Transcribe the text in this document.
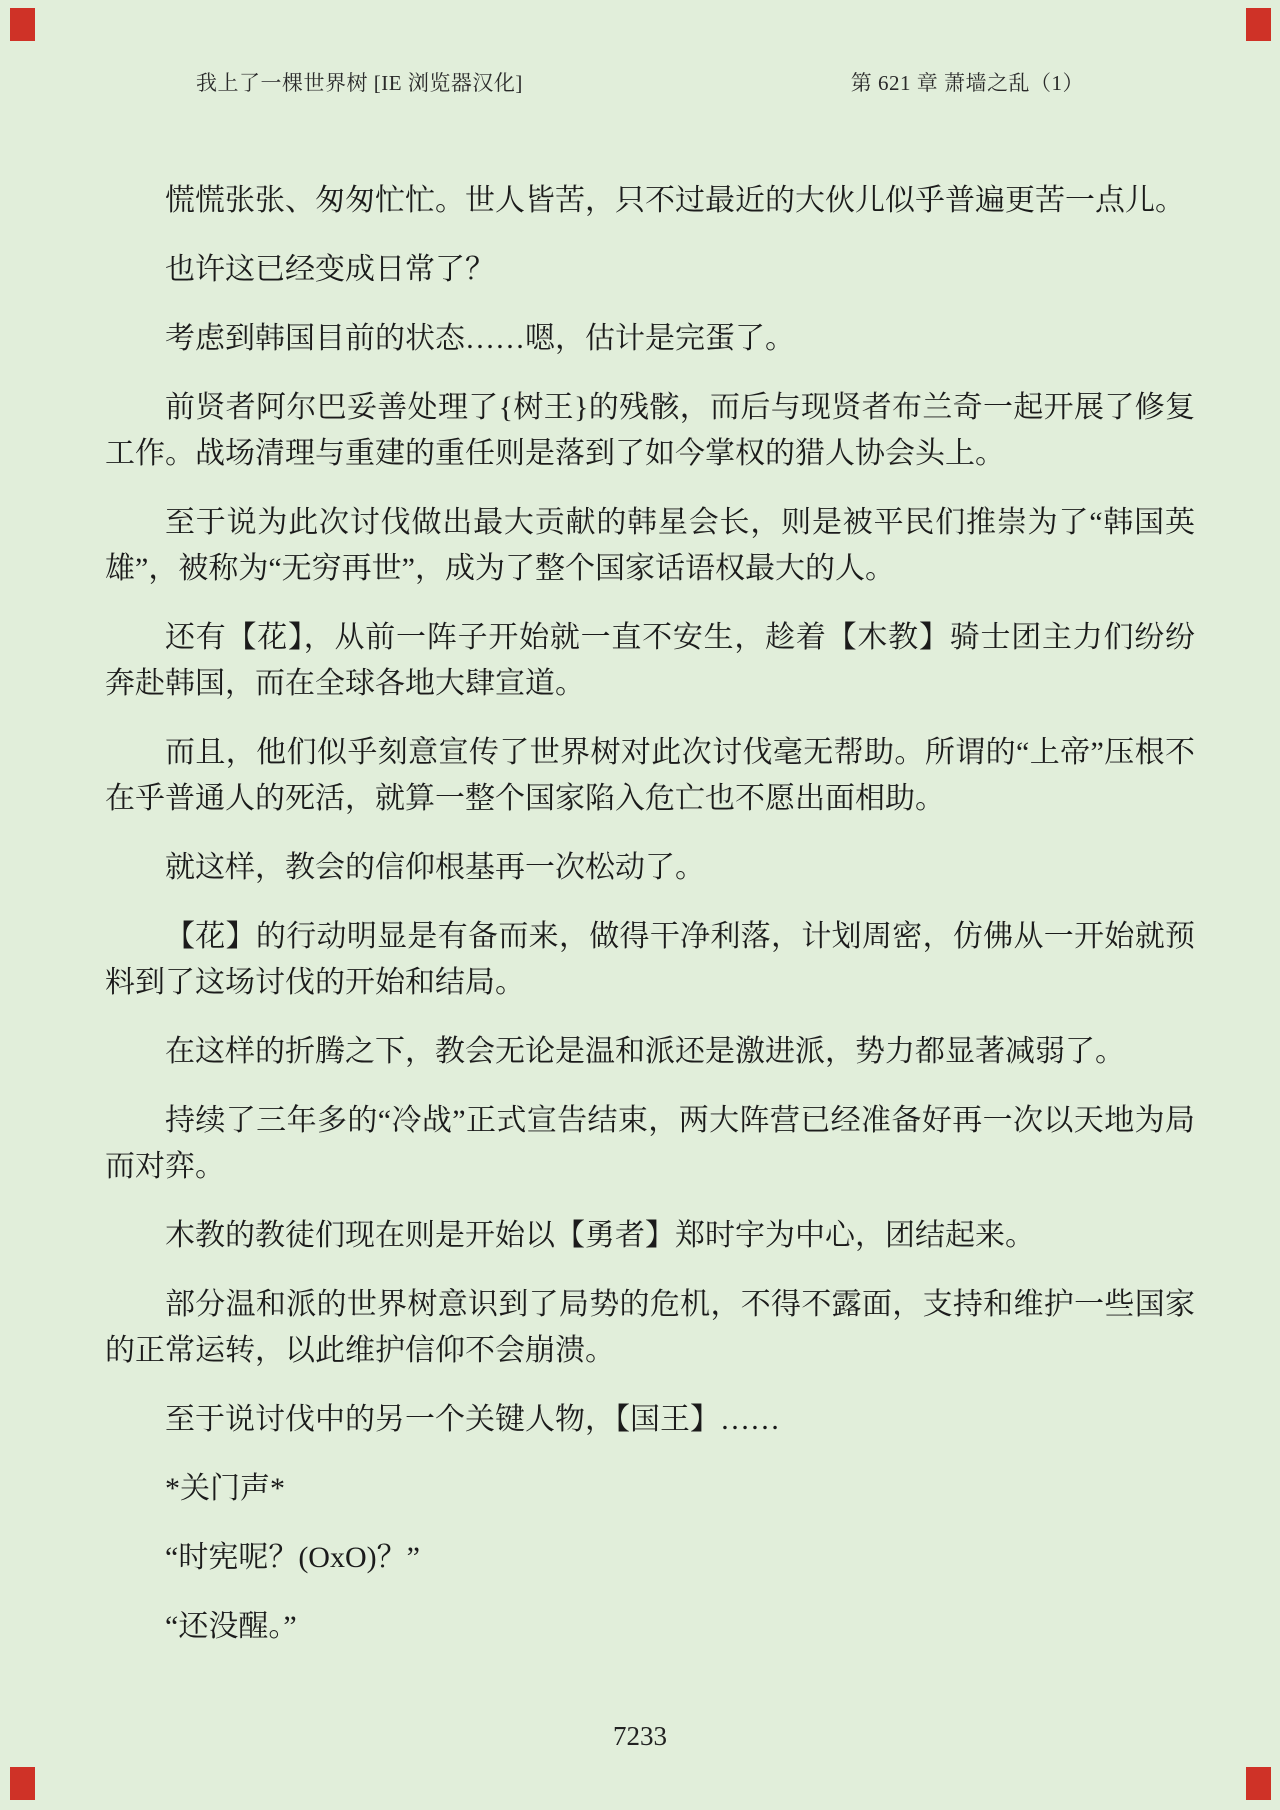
我上了一棵世界树 [IE 浏览器汉化]	第 621 章 萧墙之乱（1）

慌慌张张、匆匆忙忙。世人皆苦，只不过最近的大伙儿似乎普遍更苦一点儿。

也许这已经变成日常了？

考虑到韩国目前的状态……嗯，估计是完蛋了。

前贤者阿尔巴妥善处理了{树王}的残骸，而后与现贤者布兰奇一起开展了修复工作。战场清理与重建的重任则是落到了如今掌权的猎人协会头上。

至于说为此次讨伐做出最大贡献的韩星会长，则是被平民们推崇为了“韩国英雄”，被称为“无穷再世”，成为了整个国家话语权最大的人。

还有【花】，从前一阵子开始就一直不安生，趁着【木教】骑士团主力们纷纷奔赴韩国，而在全球各地大肆宣道。

而且，他们似乎刻意宣传了世界树对此次讨伐毫无帮助。所谓的“上帝”压根不在乎普通人的死活，就算一整个国家陷入危亡也不愿出面相助。

就这样，教会的信仰根基再一次松动了。

【花】的行动明显是有备而来，做得干净利落，计划周密，仿佛从一开始就预料到了这场讨伐的开始和结局。

在这样的折腾之下，教会无论是温和派还是激进派，势力都显著减弱了。

持续了三年多的“冷战”正式宣告结束，两大阵营已经准备好再一次以天地为局而对弈。

木教的教徒们现在则是开始以【勇者】郑时宇为中心，团结起来。

部分温和派的世界树意识到了局势的危机，不得不露面，支持和维护一些国家的正常运转，以此维护信仰不会崩溃。

至于说讨伐中的另一个关键人物，【国王】……

*关门声*

“时宪呢？(OxO)？”

“还没醒。”

7233
